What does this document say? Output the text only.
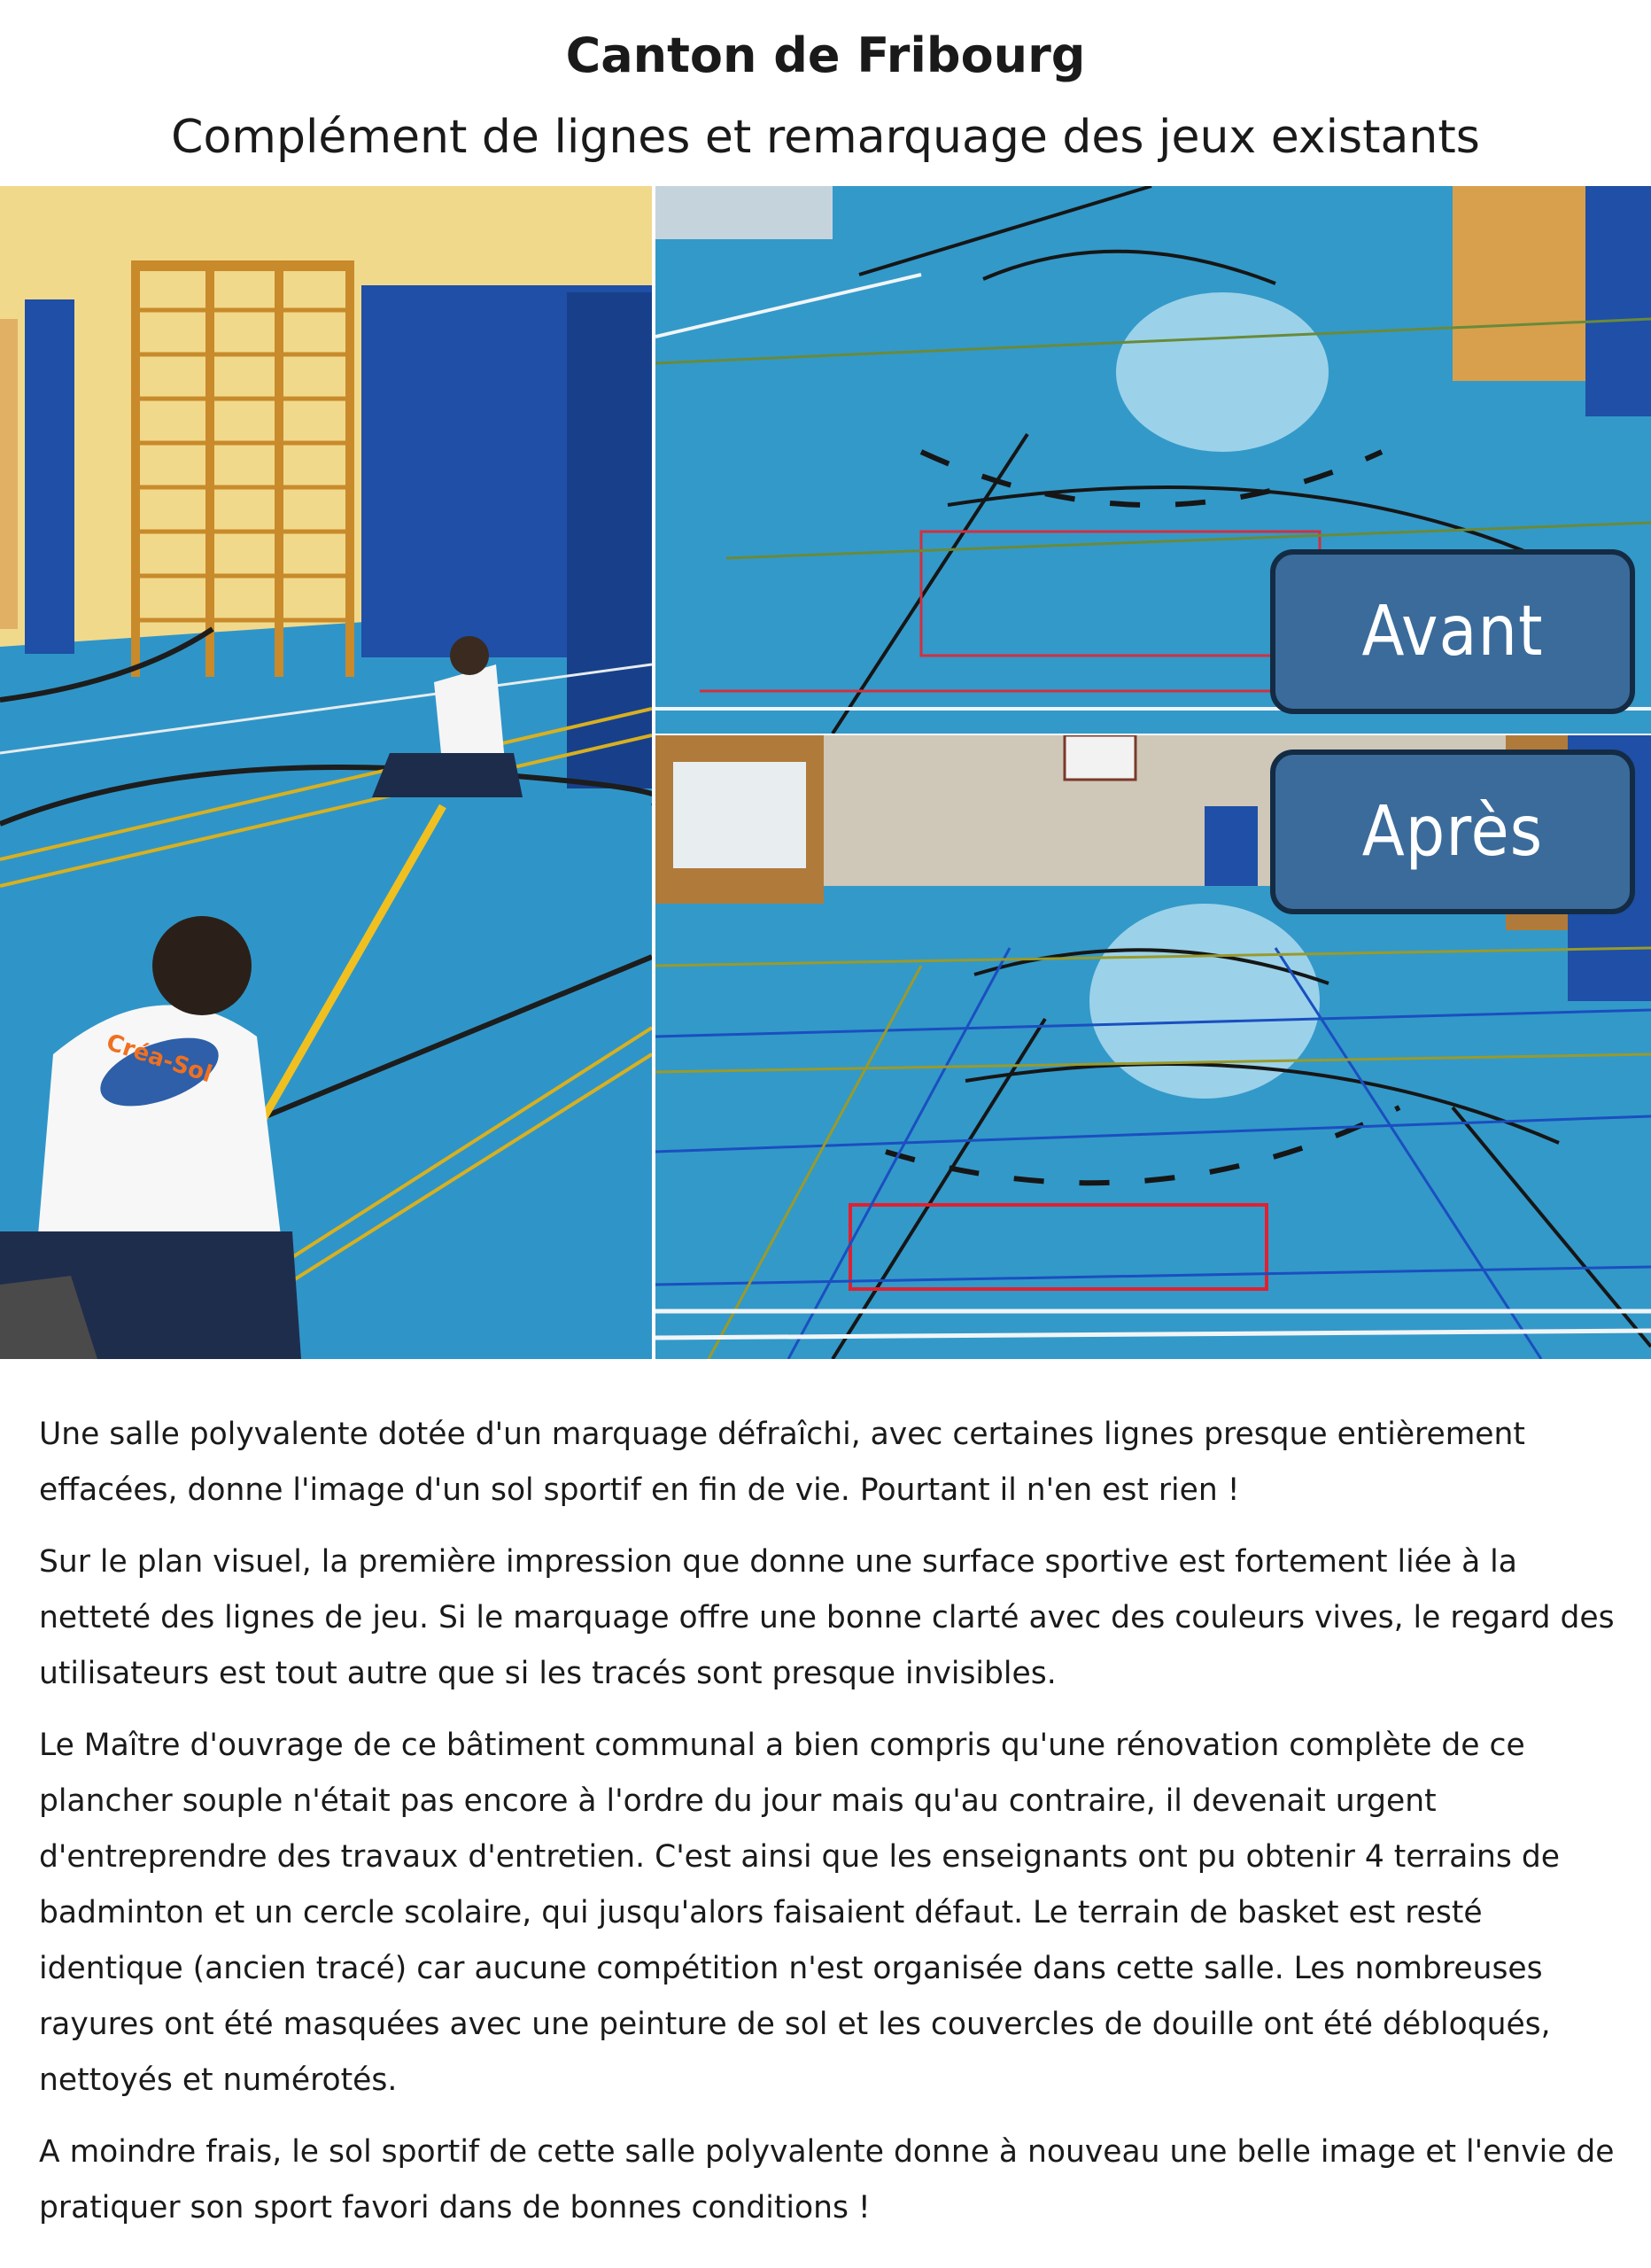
Canton de Fribourg
Complément de lignes et remarquage des jeux existants
Créa-Sol
Avant
Après

Une salle polyvalente dotée d'un marquage défraîchi, avec certaines lignes presque entièrement effacées, donne l'image d'un sol sportif en fin de vie. Pourtant il n'en est rien !

Sur le plan visuel, la première impression que donne une surface sportive est fortement liée à la netteté des lignes de jeu. Si le marquage offre une bonne clarté avec des couleurs vives, le regard des utilisateurs est tout autre que si les tracés sont presque invisibles.

Le Maître d'ouvrage de ce bâtiment communal a bien compris qu'une rénovation complète de ce plancher souple n'était pas encore à l'ordre du jour mais qu'au contraire, il devenait urgent d'entreprendre des travaux d'entretien. C'est ainsi que les enseignants ont pu obtenir 4 terrains de badminton et un cercle scolaire, qui jusqu'alors faisaient défaut. Le terrain de basket est resté identique (ancien tracé) car aucune compétition n'est organisée dans cette salle. Les nombreuses rayures ont été masquées avec une peinture de sol et les couvercles de douille ont été débloqués, nettoyés et numérotés.

A moindre frais, le sol sportif de cette salle polyvalente donne à nouveau une belle image et l'envie de pratiquer son sport favori dans de bonnes conditions !
